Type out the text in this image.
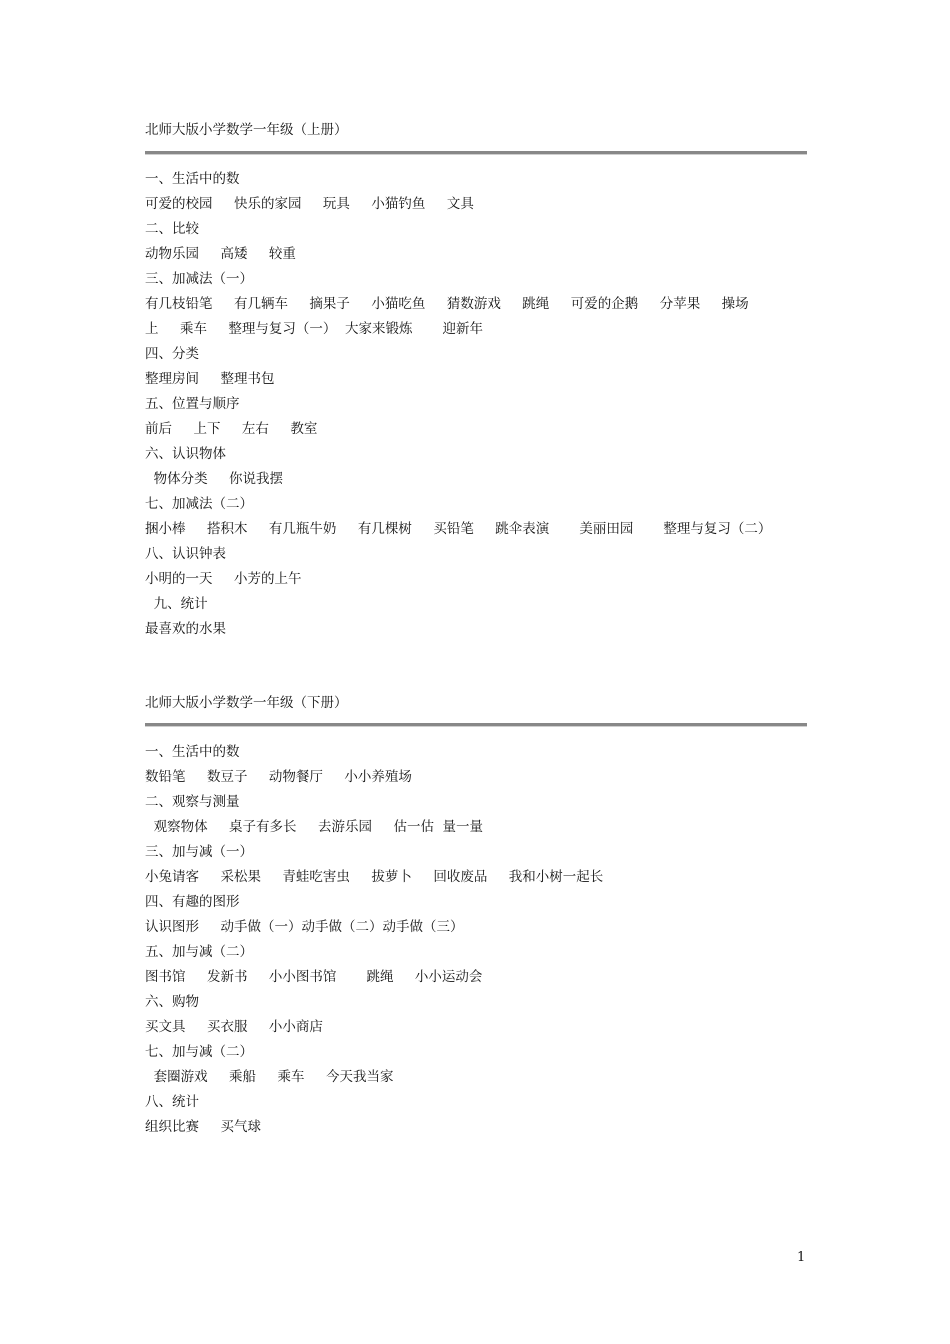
北师大版小学数学一年级（上册）
一、生活中的数
可爱的校园     快乐的家园     玩具     小猫钓鱼     文具
二、比较
动物乐园     高矮     较重
三、加减法（一）
有几枝铅笔     有几辆车     摘果子     小猫吃鱼     猜数游戏     跳绳     可爱的企鹅     分苹果     操场
上     乘车     整理与复习（一）  大家来锻炼       迎新年
四、分类
整理房间     整理书包
五、位置与顺序
前后     上下     左右     教室
六、认识物体
物体分类     你说我摆
七、加减法（二）
捆小棒     搭积木     有几瓶牛奶     有几棵树     买铅笔     跳伞表演       美丽田园       整理与复习（二）
八、认识钟表
小明的一天     小芳的上午
九、统计
最喜欢的水果
北师大版小学数学一年级（下册）
一、生活中的数
数铅笔     数豆子     动物餐厅     小小养殖场
二、观察与测量
观察物体     桌子有多长     去游乐园     估一估  量一量
三、加与减（一）
小兔请客     采松果     青蛙吃害虫     拔萝卜     回收废品     我和小树一起长
四、有趣的图形
认识图形     动手做（一）动手做（二）动手做（三）
五、加与减（二）
图书馆     发新书     小小图书馆       跳绳     小小运动会
六、购物
买文具     买衣服     小小商店
七、加与减（二）
套圈游戏     乘船     乘车     今天我当家
八、统计
组织比赛     买气球
1
